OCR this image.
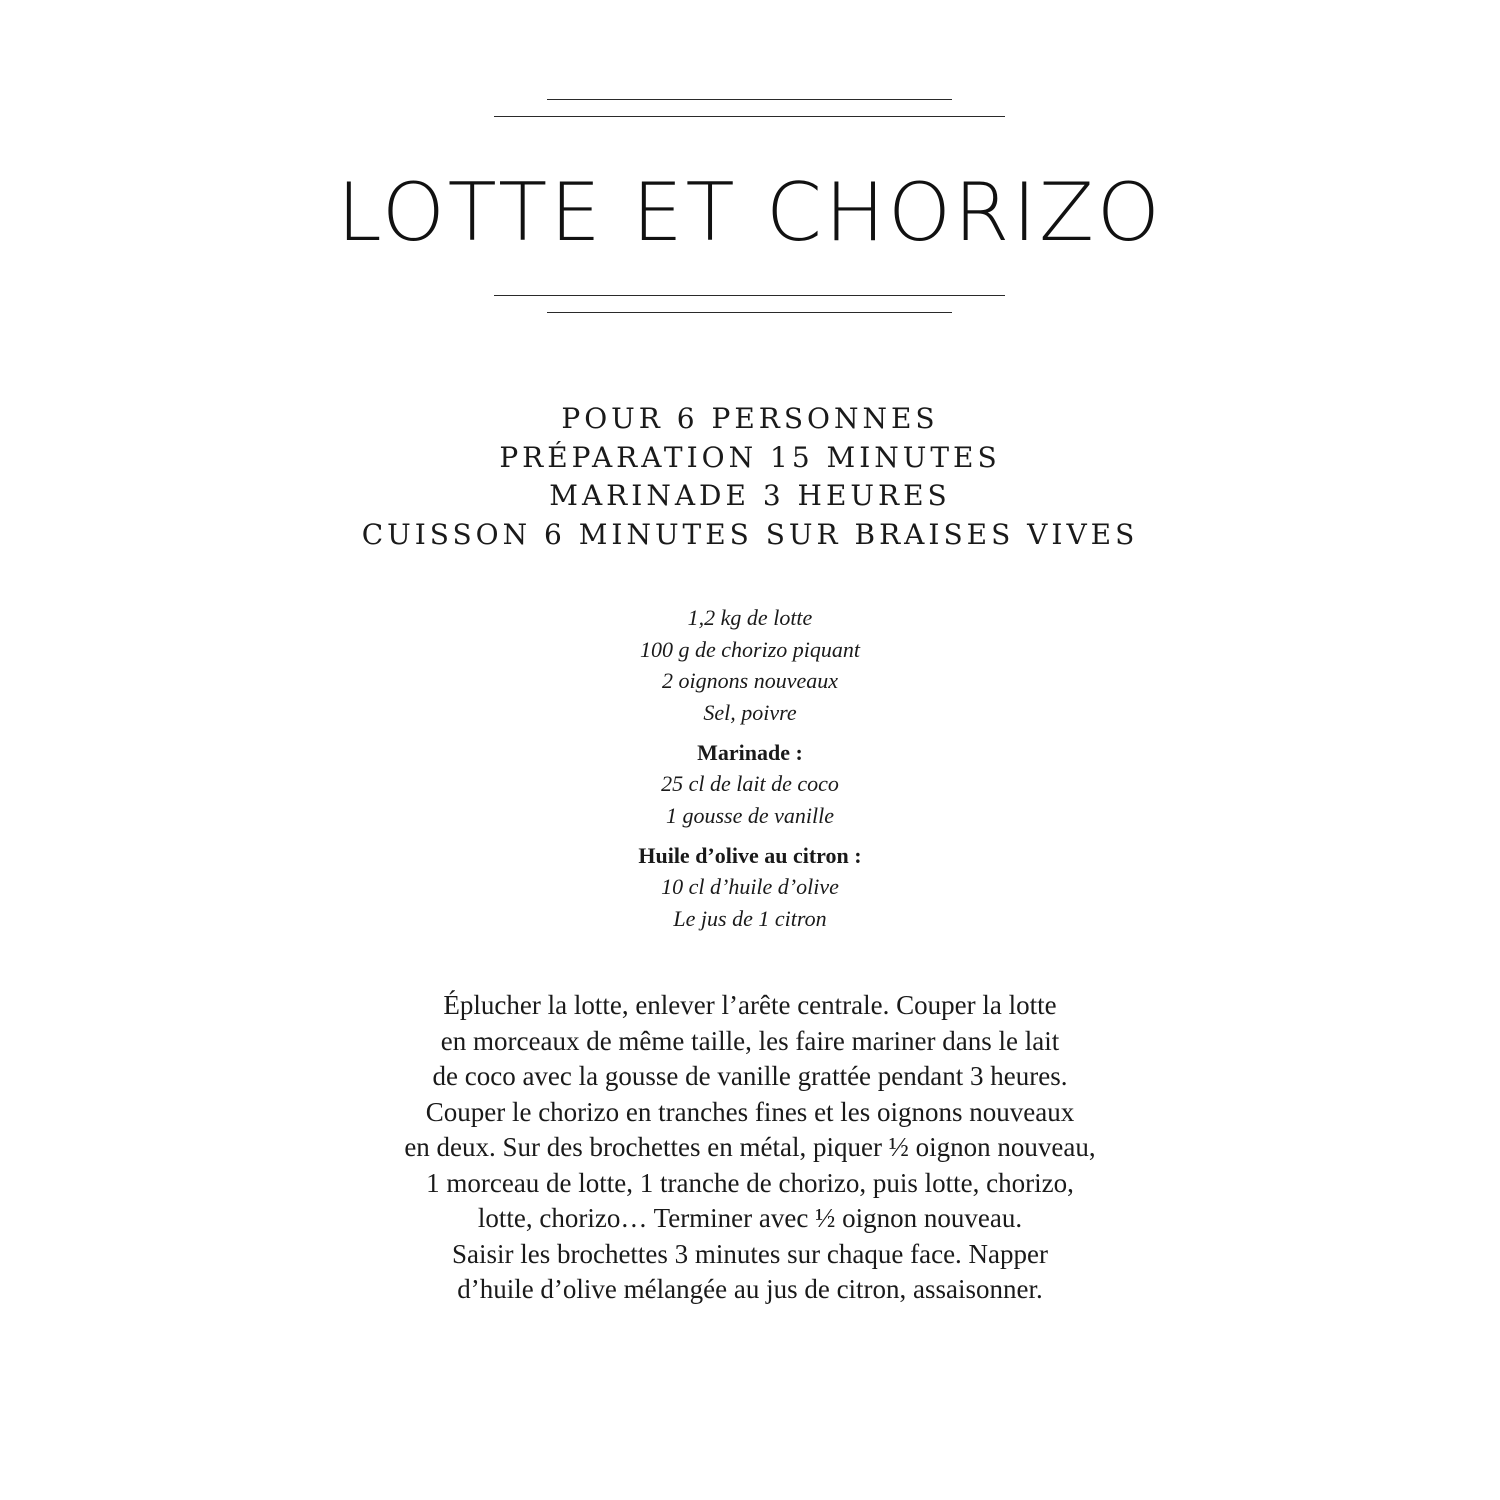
LOTTE ET CHORIZO
POUR 6 PERSONNES
PRÉPARATION 15 MINUTES
MARINADE 3 HEURES
CUISSON 6 MINUTES SUR BRAISES VIVES
1,2 kg de lotte
100 g de chorizo piquant
2 oignons nouveaux
Sel, poivre
Marinade :
25 cl de lait de coco
1 gousse de vanille
Huile d’olive au citron :
10 cl d’huile d’olive
Le jus de 1 citron
Éplucher la lotte, enlever l’arête centrale. Couper la lotte
en morceaux de même taille, les faire mariner dans le lait
de coco avec la gousse de vanille grattée pendant 3 heures.
Couper le chorizo en tranches fines et les oignons nouveaux
en deux. Sur des brochettes en métal, piquer ½ oignon nouveau,
1 morceau de lotte, 1 tranche de chorizo, puis lotte, chorizo,
lotte, chorizo… Terminer avec ½ oignon nouveau.
Saisir les brochettes 3 minutes sur chaque face. Napper
d’huile d’olive mélangée au jus de citron, assaisonner.
